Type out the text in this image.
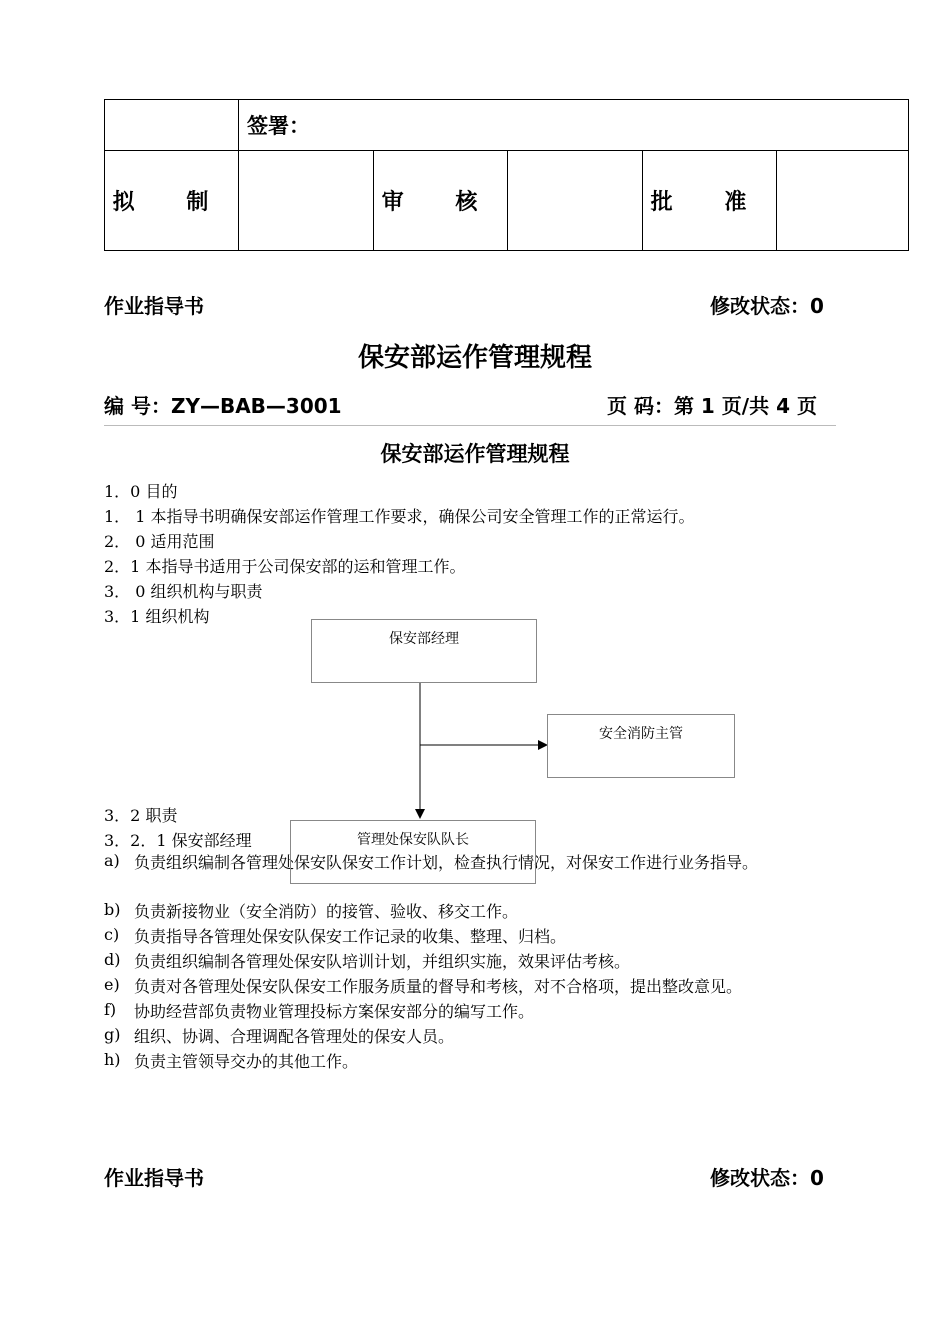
	签署：				
拟 制		审 核		批 准	
作业指导书	修改状态：0
保安部运作管理规程
编 号：ZY—BAB—3001	页 码：第 1 页/共 4 页
保安部运作管理规程
1．0 目的
1． 1 本指导书明确保安部运作管理工作要求，确保公司安全管理工作的正常运行。
2． 0 适用范围
2．1 本指导书适用于公司保安部的运和管理工作。
3． 0 组织机构与职责
3．1 组织机构
保安部经理
安全消防主管
3．2 职责
3．2．1 保安部经理
a) 负责组织编制各管理处保安队保安工作计划，检查执行情况，对保安工作进行业务指导。
b) 负责新接物业（安全消防）的接管、验收、移交工作。
c) 负责指导各管理处保安队保安工作记录的收集、整理、归档。
d) 负责组织编制各管理处保安队培训计划，并组织实施，效果评估考核。
e) 负责对各管理处保安队保安工作服务质量的督导和考核，对不合格项，提出整改意见。
f) 协助经营部负责物业管理投标方案保安部分的编写工作。
g) 组织、协调、合理调配各管理处的保安人员。
h) 负责主管领导交办的其他工作。
管理处保安队队长
作业指导书	修改状态：0
